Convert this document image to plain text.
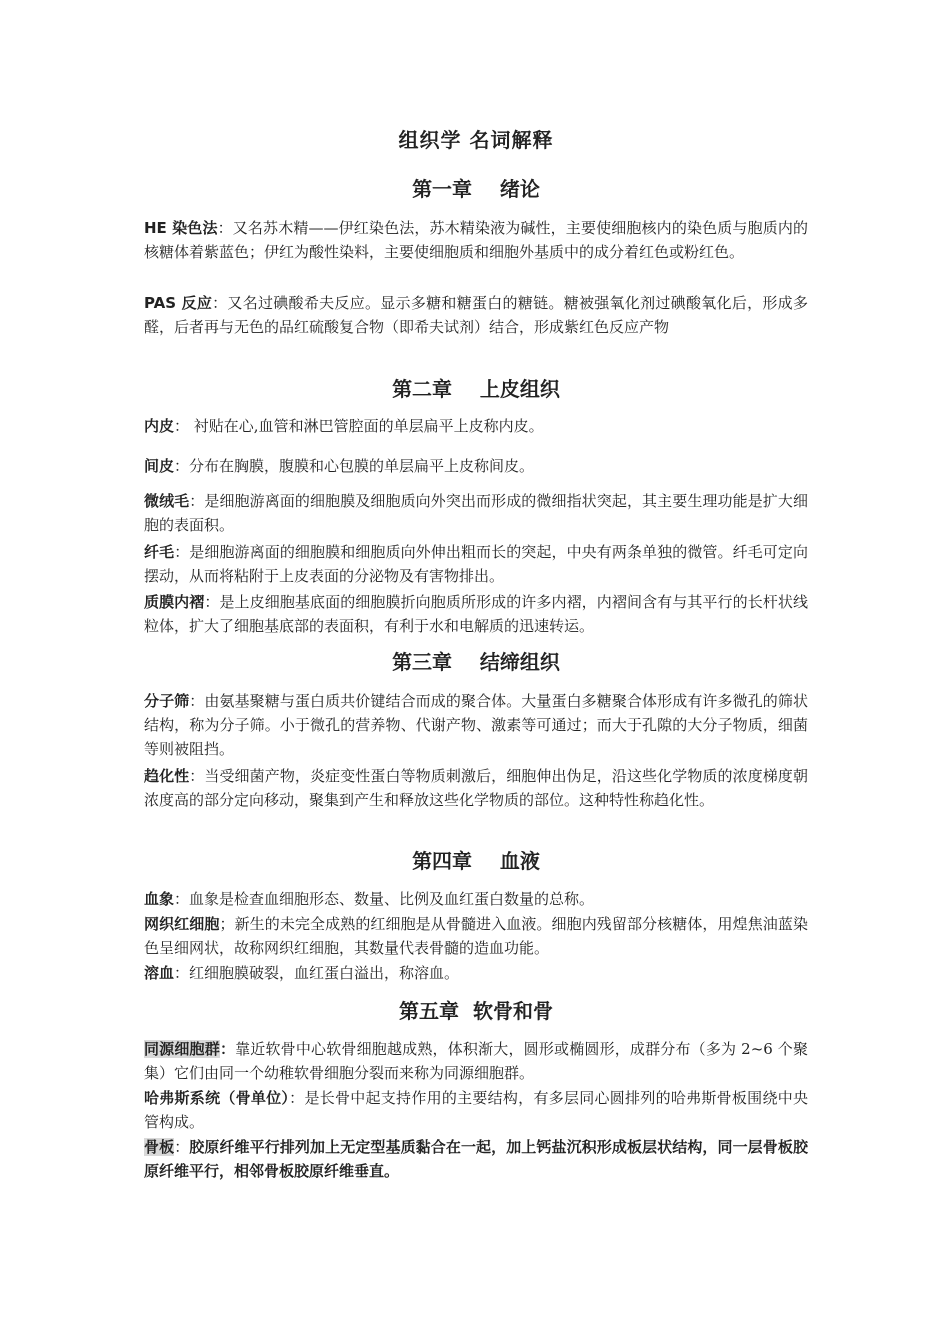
组织学 名词解释
第一章    绪论

HE 染色法：又名苏木精——伊红染色法，苏木精染液为碱性，主要使细胞核内的染色质与胞质内的核糖体着紫蓝色；伊红为酸性染料，主要使细胞质和细胞外基质中的成分着红色或粉红色。

PAS 反应：又名过碘酸希夫反应。显示多糖和糖蛋白的糖链。糖被强氧化剂过碘酸氧化后，形成多醛，后者再与无色的品红硫酸复合物（即希夫试剂）结合，形成紫红色反应产物

第二章    上皮组织

内皮： 衬贴在心,血管和淋巴管腔面的单层扁平上皮称内皮。

间皮：分布在胸膜，腹膜和心包膜的单层扁平上皮称间皮。

微绒毛：是细胞游离面的细胞膜及细胞质向外突出而形成的微细指状突起，其主要生理功能是扩大细胞的表面积。

纤毛：是细胞游离面的细胞膜和细胞质向外伸出粗而长的突起，中央有两条单独的微管。纤毛可定向摆动，从而将粘附于上皮表面的分泌物及有害物排出。

质膜内褶：是上皮细胞基底面的细胞膜折向胞质所形成的许多内褶，内褶间含有与其平行的长杆状线粒体，扩大了细胞基底部的表面积，有利于水和电解质的迅速转运。

第三章    结缔组织

分子筛：由氨基聚糖与蛋白质共价键结合而成的聚合体。大量蛋白多糖聚合体形成有许多微孔的筛状结构，称为分子筛。小于微孔的营养物、代谢产物、激素等可通过；而大于孔隙的大分子物质，细菌等则被阻挡。

趋化性：当受细菌产物，炎症变性蛋白等物质刺激后，细胞伸出伪足，沿这些化学物质的浓度梯度朝浓度高的部分定向移动，聚集到产生和释放这些化学物质的部位。这种特性称趋化性。

第四章    血液

血象：血象是检查血细胞形态、数量、比例及血红蛋白数量的总称。

网织红细胞；新生的未完全成熟的红细胞是从骨髓进入血液。细胞内残留部分核糖体，用煌焦油蓝染色呈细网状，故称网织红细胞，其数量代表骨髓的造血功能。

溶血：红细胞膜破裂，血红蛋白溢出，称溶血。

第五章  软骨和骨

同源细胞群：靠近软骨中心软骨细胞越成熟，体积渐大，圆形或椭圆形，成群分布（多为 2~6 个聚集）它们由同一个幼稚软骨细胞分裂而来称为同源细胞群。

哈弗斯系统（骨单位）：是长骨中起支持作用的主要结构，有多层同心圆排列的哈弗斯骨板围绕中央管构成。

骨板：胶原纤维平行排列加上无定型基质黏合在一起，加上钙盐沉积形成板层状结构，同一层骨板胶原纤维平行，相邻骨板胶原纤维垂直。
